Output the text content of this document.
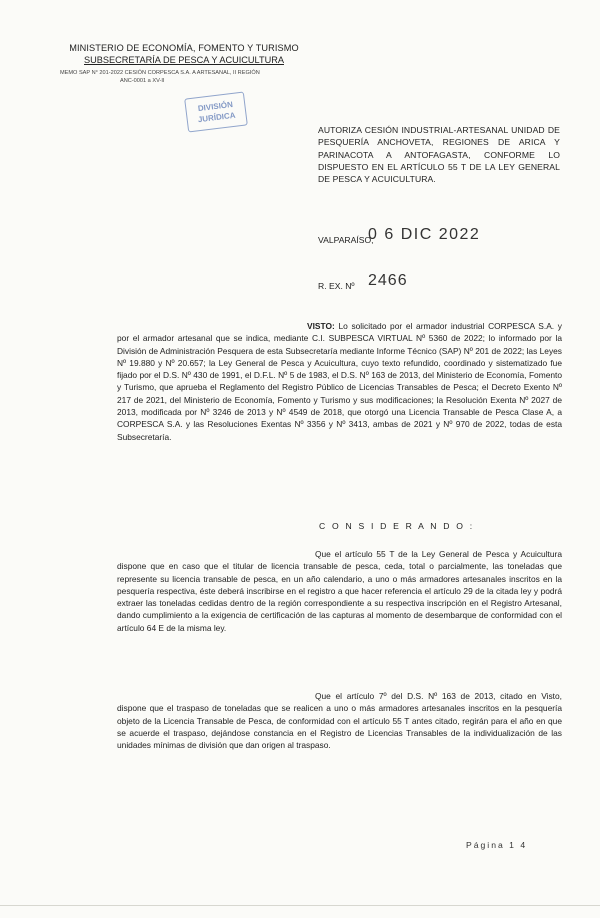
MINISTERIO DE ECONOMÍA, FOMENTO Y TURISMO
SUBSECRETARÍA DE PESCA Y ACUICULTURA
MEMO SAP N° 201-2022 CESIÓN CORPESCA S.A. A ARTESANAL, II REGIÓN
ANC-0001 a XV-II
DIVISIÓN
JURÍDICA
AUTORIZA CESIÓN INDUSTRIAL-ARTESANAL UNIDAD DE PESQUERÍA ANCHOVETA, REGIONES DE ARICA Y PARINACOTA A ANTOFAGASTA, CONFORME LO DISPUESTO EN EL ARTÍCULO 55 T DE LA LEY GENERAL DE PESCA Y ACUICULTURA.
VALPARAÍSO,
0 6 DIC 2022
R. EX. Nº 2466
VISTO: Lo solicitado por el armador industrial CORPESCA S.A. y por el armador artesanal que se indica, mediante C.I. SUBPESCA VIRTUAL Nº 5360 de 2022; lo informado por la División de Administración Pesquera de esta Subsecretaría mediante Informe Técnico (SAP) Nº 201 de 2022; las Leyes Nº 19.880 y Nº 20.657; la Ley General de Pesca y Acuicultura, cuyo texto refundido, coordinado y sistematizado fue fijado por el D.S. Nº 430 de 1991, el D.F.L. Nº 5 de 1983, el D.S. Nº 163 de 2013, del Ministerio de Economía, Fomento y Turismo, que aprueba el Reglamento del Registro Público de Licencias Transables de Pesca; el Decreto Exento Nº 217 de 2021, del Ministerio de Economía, Fomento y Turismo y sus modificaciones; la Resolución Exenta Nº 2027 de 2013, modificada por Nº 3246 de 2013 y Nº 4549 de 2018, que otorgó una Licencia Transable de Pesca Clase A, a CORPESCA S.A. y las Resoluciones Exentas Nº 3356 y Nº 3413, ambas de 2021 y Nº 970 de 2022, todas de esta Subsecretaría.
C O N S I D E R A N D O :
Que el artículo 55 T de la Ley General de Pesca y Acuicultura dispone que en caso que el titular de licencia transable de pesca, ceda, total o parcialmente, las toneladas que represente su licencia transable de pesca, en un año calendario, a uno o más armadores artesanales inscritos en la pesquería respectiva, éste deberá inscribirse en el registro a que hacer referencia el artículo 29 de la citada ley y podrá extraer las toneladas cedidas dentro de la región correspondiente a su respectiva inscripción en el Registro Artesanal, dando cumplimiento a la exigencia de certificación de las capturas al momento de desembarque de conformidad con el artículo 64 E de la misma ley.
Que el artículo 7º del D.S. Nº 163 de 2013, citado en Visto, dispone que el traspaso de toneladas que se realicen a uno o más armadores artesanales inscritos en la pesquería objeto de la Licencia Transable de Pesca, de conformidad con el artículo 55 T antes citado, regirán para el año en que se acuerde el traspaso, dejándose constancia en el Registro de Licencias Transables de la individualización de las unidades mínimas de división que dan origen al traspaso.
Página 1 4
